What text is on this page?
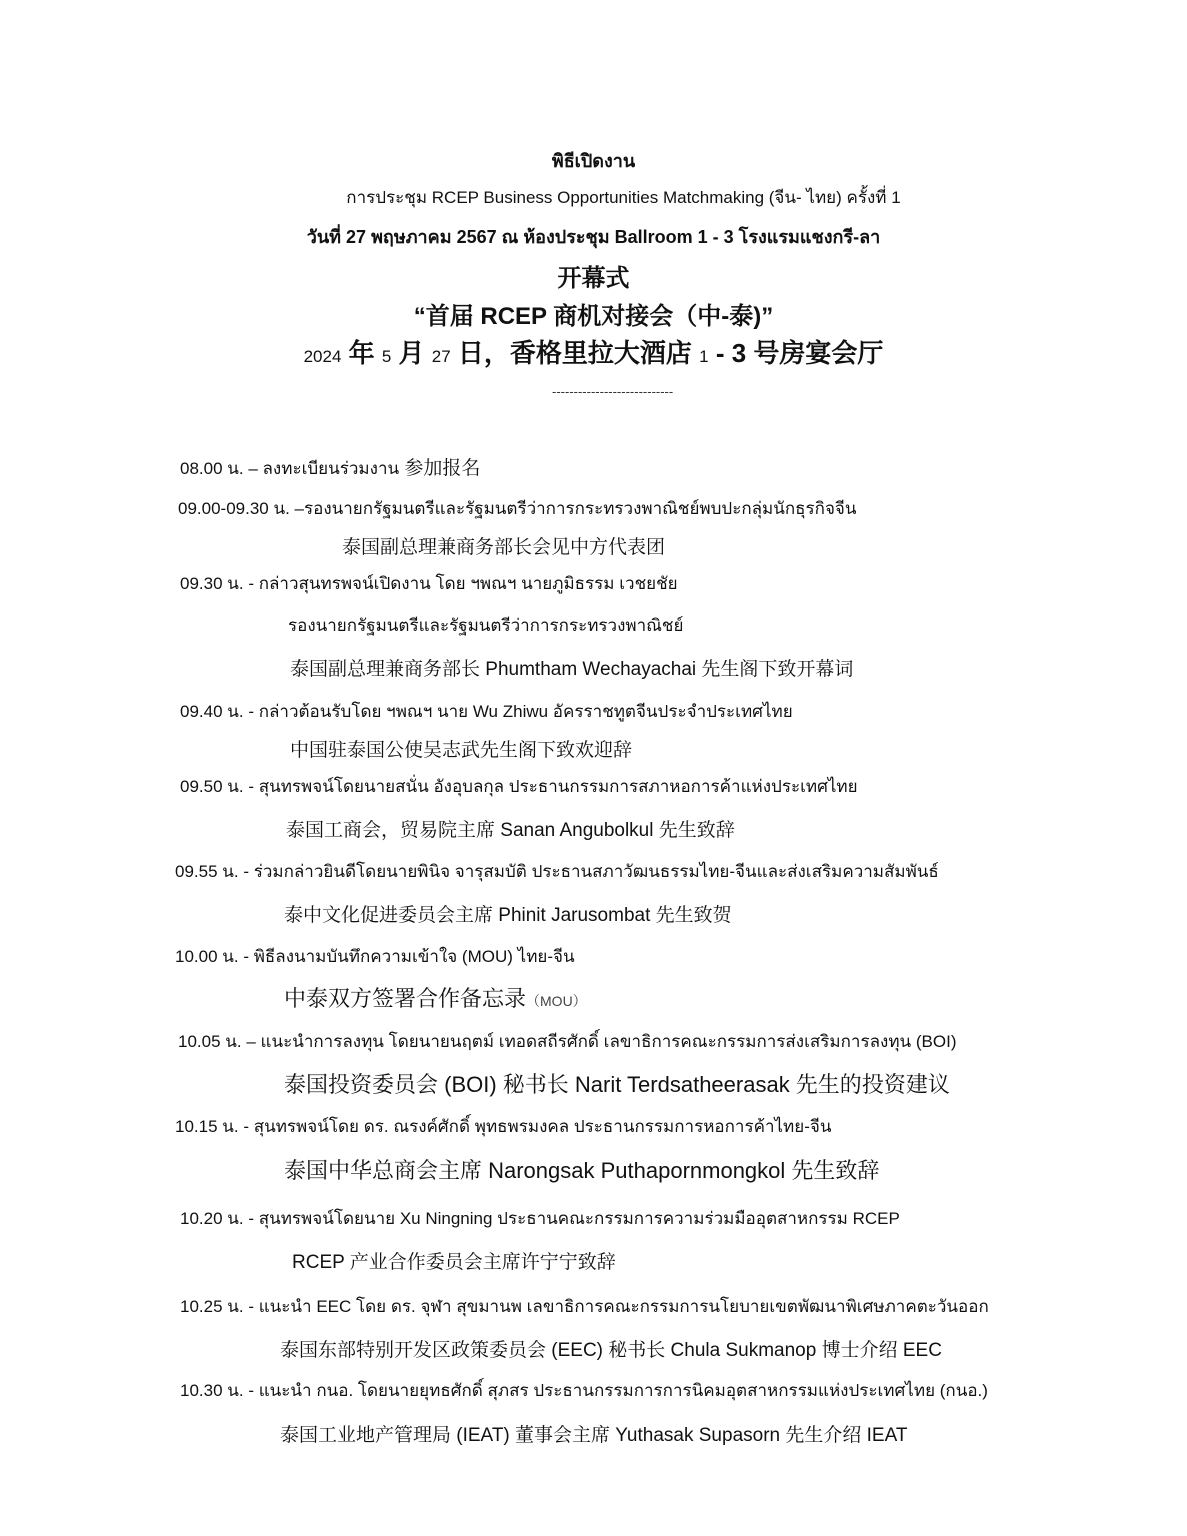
พิธีเปิดงาน
การประชุม RCEP Business Opportunities Matchmaking (จีน- ไทย) ครั้งที่ 1
วันที่ 27 พฤษภาคม 2567 ณ ห้องประชุม Ballroom 1 - 3 โรงแรมแชงกรี-ลา
开幕式
“首届 RCEP 商机对接会（中-泰)”
2024 年 5 月 27 日，香格里拉大酒店 1 - 3 号房宴会厅
----------------------------
08.00 น. – ลงทะเบียนร่วมงาน 参加报名
09.00-09.30 น. –รองนายกรัฐมนตรีและรัฐมนตรีว่าการกระทรวงพาณิชย์พบปะกลุ่มนักธุรกิจจีน
泰国副总理兼商务部长会见中方代表团
09.30 น. - กล่าวสุนทรพจน์เปิดงาน โดย ฯพณฯ นายภูมิธรรม เวชยชัย
รองนายกรัฐมนตรีและรัฐมนตรีว่าการกระทรวงพาณิชย์
泰国副总理兼商务部长 Phumtham Wechayachai 先生阁下致开幕词
09.40 น. - กล่าวต้อนรับโดย ฯพณฯ นาย Wu Zhiwu อัครราชทูตจีนประจำประเทศไทย
中国驻泰国公使吴志武先生阁下致欢迎辞
09.50 น. - สุนทรพจน์โดยนายสนั่น อังอุบลกุล ประธานกรรมการสภาหอการค้าแห่งประเทศไทย
泰国工商会，贸易院主席 Sanan Angubolkul 先生致辞
09.55 น. - ร่วมกล่าวยินดีโดยนายพินิจ จารุสมบัติ ประธานสภาวัฒนธรรมไทย-จีนและส่งเสริมความสัมพันธ์
泰中文化促进委员会主席 Phinit Jarusombat 先生致贺
10.00 น. - พิธีลงนามบันทึกความเข้าใจ (MOU) ไทย-จีน
中泰双方签署合作备忘录（MOU）
10.05 น. – แนะนำการลงทุน โดยนายนฤตม์ เทอดสถีรศักดิ์ เลขาธิการคณะกรรมการส่งเสริมการลงทุน (BOI)
泰国投资委员会 (BOI) 秘书长 Narit Terdsatheerasak 先生的投资建议
10.15 น. - สุนทรพจน์โดย ดร. ณรงค์ศักดิ์ พุทธพรมงคล ประธานกรรมการหอการค้าไทย-จีน
泰国中华总商会主席 Narongsak Puthapornmongkol 先生致辞
10.20 น. - สุนทรพจน์โดยนาย Xu Ningning ประธานคณะกรรมการความร่วมมืออุตสาหกรรม RCEP
RCEP 产业合作委员会主席许宁宁致辞
10.25 น. - แนะนำ EEC โดย ดร. จุฬา สุขมานพ เลขาธิการคณะกรรมการนโยบายเขตพัฒนาพิเศษภาคตะวันออก
泰国东部特别开发区政策委员会 (EEC) 秘书长 Chula Sukmanop 博士介绍 EEC
10.30 น. - แนะนำ กนอ. โดยนายยุทธศักดิ์ สุภสร ประธานกรรมการการนิคมอุตสาหกรรมแห่งประเทศไทย (กนอ.)
泰国工业地产管理局 (IEAT) 董事会主席 Yuthasak Supasorn 先生介绍 IEAT
